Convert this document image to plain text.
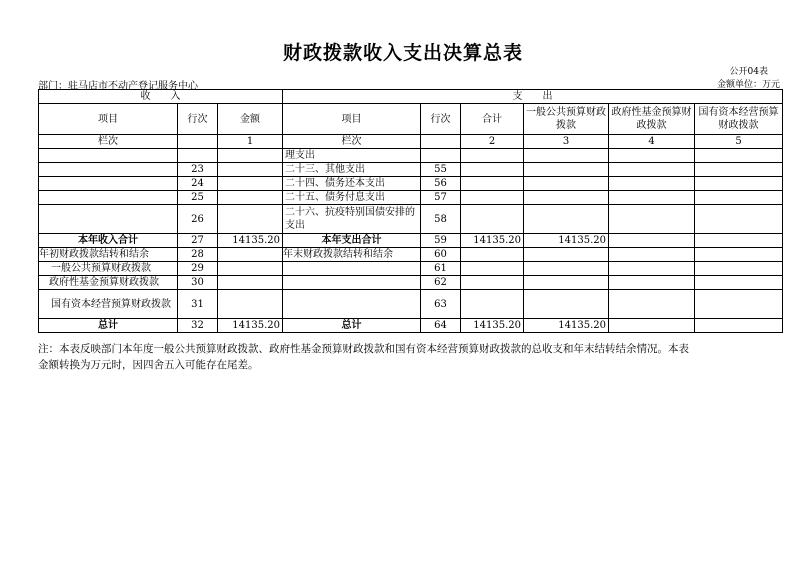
财政拨款收入支出决算总表
公开04表
部门：驻马店市不动产登记服务中心	金额单位：万元
收　　入			支　　出					
项目	行次	金额	项目	行次	合计	一般公共预算财政拨款	政府性基金预算财政拨款	国有资本经营预算财政拨款
栏次		1	栏次		2	3	4	5
			理支出					
	23		二十三、其他支出	55				
	24		二十四、债务还本支出	56				
	25		二十五、债务付息支出	57				
	26		二十六、抗疫特别国债安排的支出	58				
本年收入合计	27	14135.20	本年支出合计	59	14135.20	14135.20		
年初财政拨款结转和结余	28		年末财政拨款结转和结余	60				
一般公共预算财政拨款	29			61				
政府性基金预算财政拨款	30			62				
国有资本经营预算财政拨款	31			63				
总计	32	14135.20	总计	64	14135.20	14135.20		
注：本表反映部门本年度一般公共预算财政拨款、政府性基金预算财政拨款和国有资本经营预算财政拨款的总收支和年末结转结余情况。本表金额转换为万元时，因四舍五入可能存在尾差。
